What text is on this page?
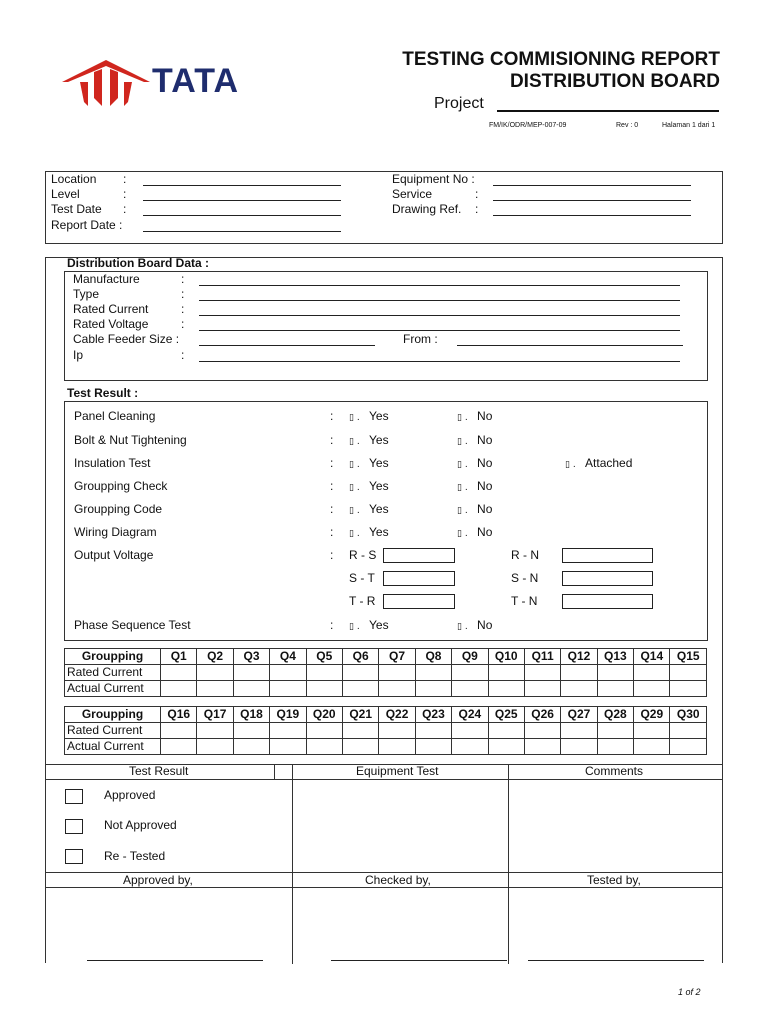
TATA
TESTING COMMISIONING REPORT
DISTRIBUTION BOARD
Project
FM/IK/ODR/MEP-007-09	Rev : 0	Halaman 1 dari 1
Location :
Level	:
Test Date :
Report Date :
Equipment No :
Service	:
Drawing Ref. :
Distribution Board Data :
Manufacture	:
Type	:
Rated Current	:
Rated Voltage	:
Cable Feeder Size :	From :
Ip	:
Test Result :
Panel Cleaning	: ▯ . Yes	▯ . No
Bolt & Nut Tightening	: ▯ . Yes	▯ . No
Insulation Test	: ▯ . Yes	▯ . No	▯ . Attached
Groupping Check	: ▯ . Yes	▯ . No
Groupping Code	: ▯ . Yes	▯ . No
Wiring Diagram	: ▯ . Yes	▯ . No
Output Voltage	: R - S	R - N
S - T	S - N
T - R	T - N
Phase Sequence Test	: ▯ . Yes	▯ . No
Groupping	Q1	Q2	Q3	Q4	Q5	Q6	Q7	Q8	Q9	Q10	Q11	Q12	Q13	Q14	Q15
Rated Current															
Actual Current															
Groupping	Q16	Q17	Q18	Q19	Q20	Q21	Q22	Q23	Q24	Q25	Q26	Q27	Q28	Q29	Q30
Rated Current															
Actual Current															
Test Result	Equipment Test	Comments
Approved
Not Approved
Re - Tested
Approved by,	Checked by,	Tested by,
1 of 2
